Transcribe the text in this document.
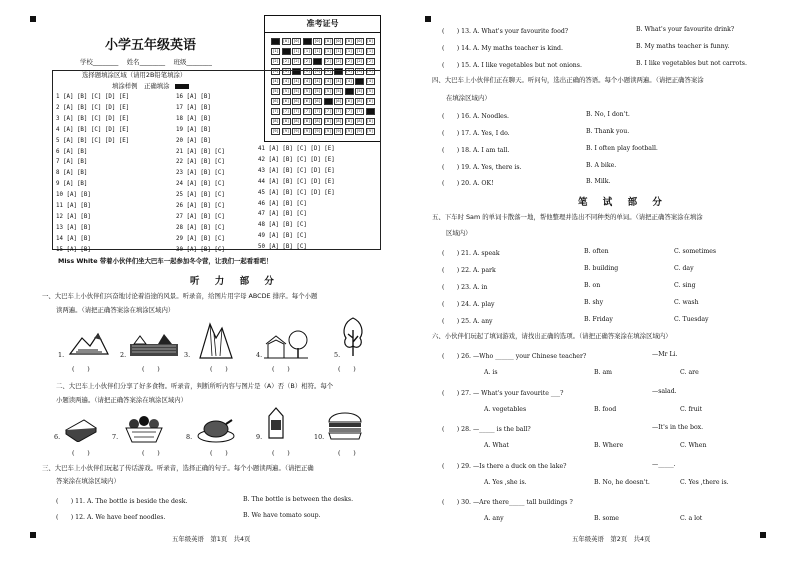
小学五年级英语
学校________　 姓名________　 班级________
选择题填涂区域（请用2B铅笔填涂）
填涂样例　正确填涂
准考证号
[0]	[0]	[0]	[0]	[0]	[0]	[0]	[0]	[0]	[0]
[1]	[1]	[1]	[1]	[1]	[1]	[1]	[1]	[1]	[1]
[2]	[2]	[2]	[2]	[2]	[2]	[2]	[2]	[2]	[2]
[3]	[3]	[3]	[3]	[3]	[3]	[3]	[3]	[3]	[3]
[4]	[4]	[4]	[4]	[4]	[4]	[4]	[4]	[4]	[4]
[5]	[5]	[5]	[5]	[5]	[5]	[5]	[5]	[5]	[5]
[6]	[6]	[6]	[6]	[6]	[6]	[6]	[6]	[6]	[6]
[7]	[7]	[7]	[7]	[7]	[7]	[7]	[7]	[7]	[7]
[8]	[8]	[8]	[8]	[8]	[8]	[8]	[8]	[8]	[8]
[9]	[9]	[9]	[9]	[9]	[9]	[9]	[9]	[9]	[9]
1 [A] [B] [C] [D] [E]
2 [A] [B] [C] [D] [E]
3 [A] [B] [C] [D] [E]
4 [A] [B] [C] [D] [E]
5 [A] [B] [C] [D] [E]
6 [A] [B]
7 [A] [B]
8 [A] [B]
9 [A] [B]
10 [A] [B]
11 [A] [B]
12 [A] [B]
13 [A] [B]
14 [A] [B]
15 [A] [B]
16 [A] [B]
17 [A] [B]
18 [A] [B]
19 [A] [B]
20 [A] [B]
21 [A] [B] [C]
22 [A] [B] [C]
23 [A] [B] [C]
24 [A] [B] [C]
25 [A] [B] [C]
26 [A] [B] [C]
27 [A] [B] [C]
28 [A] [B] [C]
29 [A] [B] [C]
30 [A] [B] [C]
41 [A] [B] [C] [D] [E]
42 [A] [B] [C] [D] [E]
43 [A] [B] [C] [D] [E]
44 [A] [B] [C] [D] [E]
45 [A] [B] [C] [D] [E]
46 [A] [B] [C]
47 [A] [B] [C]
48 [A] [B] [C]
49 [A] [B] [C]
50 [A] [B] [C]
Miss White 带着小伙伴们坐大巴车一起参加冬令营，让我们一起看看吧！
听 力 部 分
一、大巴车上小伙伴们兴奋地讨论着沿途的风景。听录音，给图片用字母 ABCDE 排序。每个小题
读两遍。（请把正确答案涂在填涂区域内）
1.	2.	3.	4.	5.
(　　)	(　　)	(　　)	(　　)	(　　)
二、大巴车上小伙伴们分享了好多食物。听录音，判断所听内容与图片是（A）否（B）相符。每个
小题读两遍。（请把正确答案涂在填涂区域内）
6.	7.	8.	9.	10.
(　　)	(　　)	(　　)	(　　)	(　　)
三、大巴车上小伙伴们玩起了传话游戏。听录音，选择正确的句子。每个小题读两遍。（请把正确
答案涂在填涂区域内）
(　　) 11. A. The bottle is beside the desk.	B. The bottle is between the desks.
(　　) 12. A. We have beef noodles.	B. We have tomato soup.
五年级英语　第1页　共4页
(　　) 13. A. What's your favourite food?	B. What's your favourite drink?
(　　) 14. A. My maths teacher is kind.	B. My maths teacher is funny.
(　　) 15. A. I like vegetables but not onions.	B. I like vegetables but not carrots.
四、大巴车上小伙伴们正在聊天。听问句，选出正确的答语。每个小题读两遍。（请把正确答案涂
在填涂区域内）
(　　) 16. A. Noodles.	B. No, I don't.
(　　) 17. A. Yes, I do.	B. Thank you.
(　　) 18. A. I am tall.	B. I often play football.
(　　) 19. A. Yes, there is.	B. A bike.
(　　) 20. A. OK!	B. Milk.
笔 试 部 分
五、下车时 Sam 的单词卡散落一地，帮他整理并选出不同种类的单词。（请把正确答案涂在填涂
区域内）
(　　) 21. A. speak	B. often	C. sometimes
(　　) 22. A. park	B. building	C. day
(　　) 23. A. in	B. on	C. sing
(　　) 24. A. play	B. shy	C. wash
(　　) 25. A. any	B. Friday	C. Tuesday
六、小伙伴们玩起了填词游戏，请找出正确的选项。（请把正确答案涂在填涂区域内）
(　　) 26. —Who ______ your Chinese teacher?	—Mr Li.
A. is	B. am	C. are
(　　) 27. — What's your favourite ___?	—salad.
A. vegetables	B. food	C. fruit
(　　) 28. —_____ is the ball?	—It's in the box.
A. What	B. Where	C. When
(　　) 29. —Is there a duck on the lake?	—_____.
A. Yes ,she is.	B. No, he doesn't.	C. Yes ,there is.
(　　) 30. —Are there_____ tall buildings ?
A. any	B. some	C. a lot
五年级英语　第2页　共4页
